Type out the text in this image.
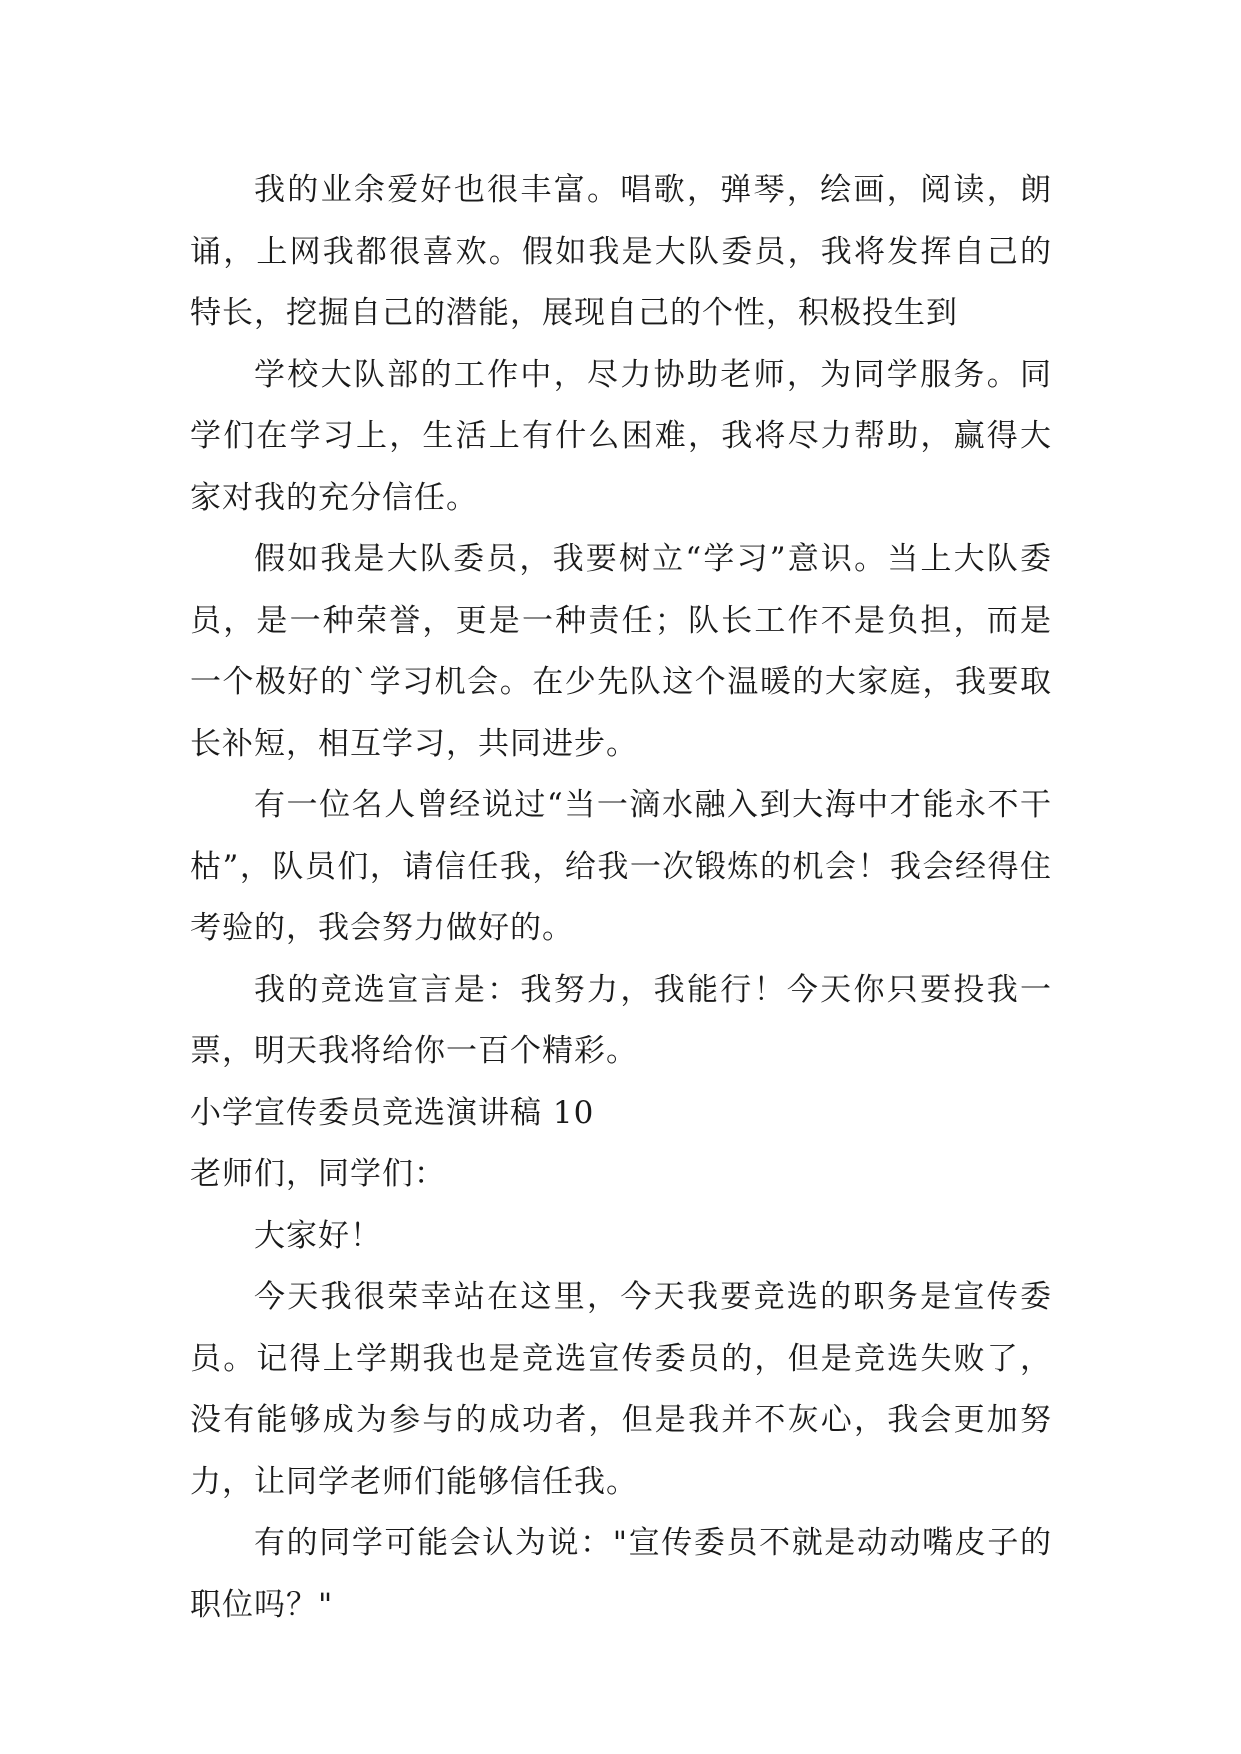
我的业余爱好也很丰富。唱歌，弹琴，绘画，阅读，朗诵，上网我都很喜欢。假如我是大队委员，我将发挥自己的特长，挖掘自己的潜能，展现自己的个性，积极投生到

学校大队部的工作中，尽力协助老师，为同学服务。同学们在学习上，生活上有什么困难，我将尽力帮助，赢得大家对我的充分信任。

假如我是大队委员，我要树立“学习”意识。当上大队委员，是一种荣誉，更是一种责任；队长工作不是负担，而是一个极好的`学习机会。在少先队这个温暖的大家庭，我要取长补短，相互学习，共同进步。

有一位名人曾经说过“当一滴水融入到大海中才能永不干枯”，队员们，请信任我，给我一次锻炼的机会！我会经得住考验的，我会努力做好的。

我的竞选宣言是：我努力，我能行！今天你只要投我一票，明天我将给你一百个精彩。

小学宣传委员竞选演讲稿 10

老师们，同学们：

大家好！

今天我很荣幸站在这里，今天我要竞选的职务是宣传委员。记得上学期我也是竞选宣传委员的，但是竞选失败了，没有能够成为参与的成功者，但是我并不灰心，我会更加努力，让同学老师们能够信任我。

有的同学可能会认为说："宣传委员不就是动动嘴皮子的职位吗？"
